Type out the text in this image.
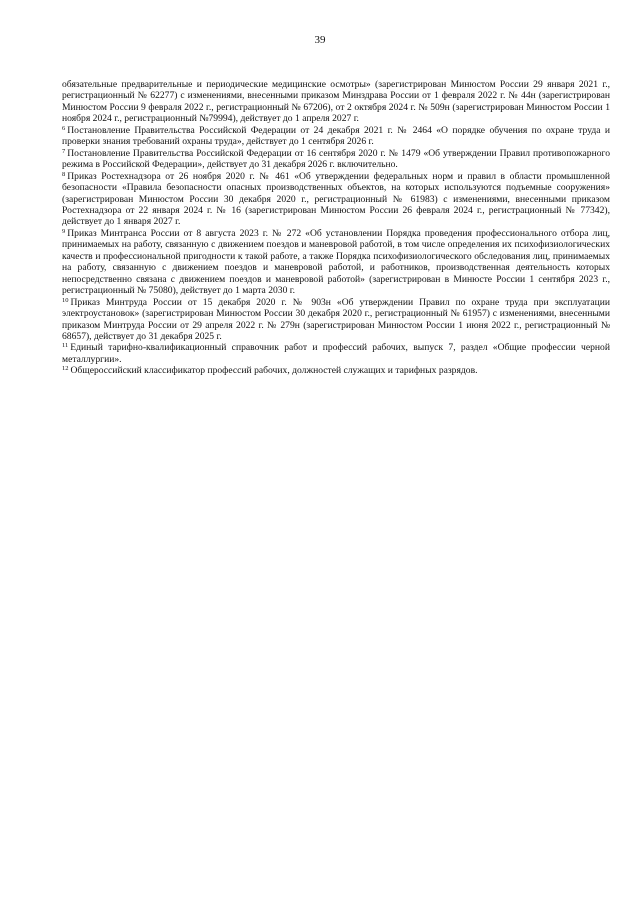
39

обязательные предварительные и периодические медицинские осмотры» (зарегистрирован Минюстом России 29 января 2021 г., регистрационный № 62277) с изменениями, внесенными приказом Минздрава России от 1 февраля 2022 г. № 44н (зарегистрирован Минюстом России 9 февраля 2022 г., регистрационный № 67206), от 2 октября 2024 г. № 509н (зарегистрирован Минюстом России 1 ноября 2024 г., регистрационный №79994), действует до 1 апреля 2027 г.

$^6$ Постановление Правительства Российской Федерации от 24 декабря 2021 г. № 2464 «О порядке обучения по охране труда и проверки знания требований охраны труда», действует до 1 сентября 2026 г.

$^7$ Постановление Правительства Российской Федерации от 16 сентября 2020 г. № 1479 «Об утверждении Правил противопожарного режима в Российской Федерации», действует до 31 декабря 2026 г. включительно.

$^8$ Приказ Ростехнадзора от 26 ноября 2020 г. № 461 «Об утверждении федеральных норм и правил в области промышленной безопасности «Правила безопасности опасных производственных объектов, на которых используются подъемные сооружения» (зарегистрирован Минюстом России 30 декабря 2020 г., регистрационный № 61983) с изменениями, внесенными приказом Ростехнадзора от 22 января 2024 г. № 16 (зарегистрирован Минюстом России 26 февраля 2024 г., регистрационный № 77342), действует до 1 января 2027 г.

$^9$ Приказ Минтранса России от 8 августа 2023 г. № 272 «Об установлении Порядка проведения профессионального отбора лиц, принимаемых на работу, связанную с движением поездов и маневровой работой, в том числе определения их психофизиологических качеств и профессиональной пригодности к такой работе, а также Порядка психофизиологического обследования лиц, принимаемых на работу, связанную с движением поездов и маневровой работой, и работников, производственная деятельность которых непосредственно связана с движением поездов и маневровой работой» (зарегистрирован в Минюсте России 1 сентября 2023 г., регистрационный № 75080), действует до 1 марта 2030 г.

$^{10}$ Приказ Минтруда России от 15 декабря 2020 г. № 903н «Об утверждении Правил по охране труда при эксплуатации электроустановок» (зарегистрирован Минюстом России 30 декабря 2020 г., регистрационный № 61957) с изменениями, внесенными приказом Минтруда России от 29 апреля 2022 г. № 279н (зарегистрирован Минюстом России 1 июня 2022 г., регистрационный № 68657), действует до 31 декабря 2025 г.

$^{11}$ Единый тарифно-квалификационный справочник работ и профессий рабочих, выпуск 7, раздел «Общие профессии черной металлургии».

$^{12}$ Общероссийский классификатор профессий рабочих, должностей служащих и тарифных разрядов.
